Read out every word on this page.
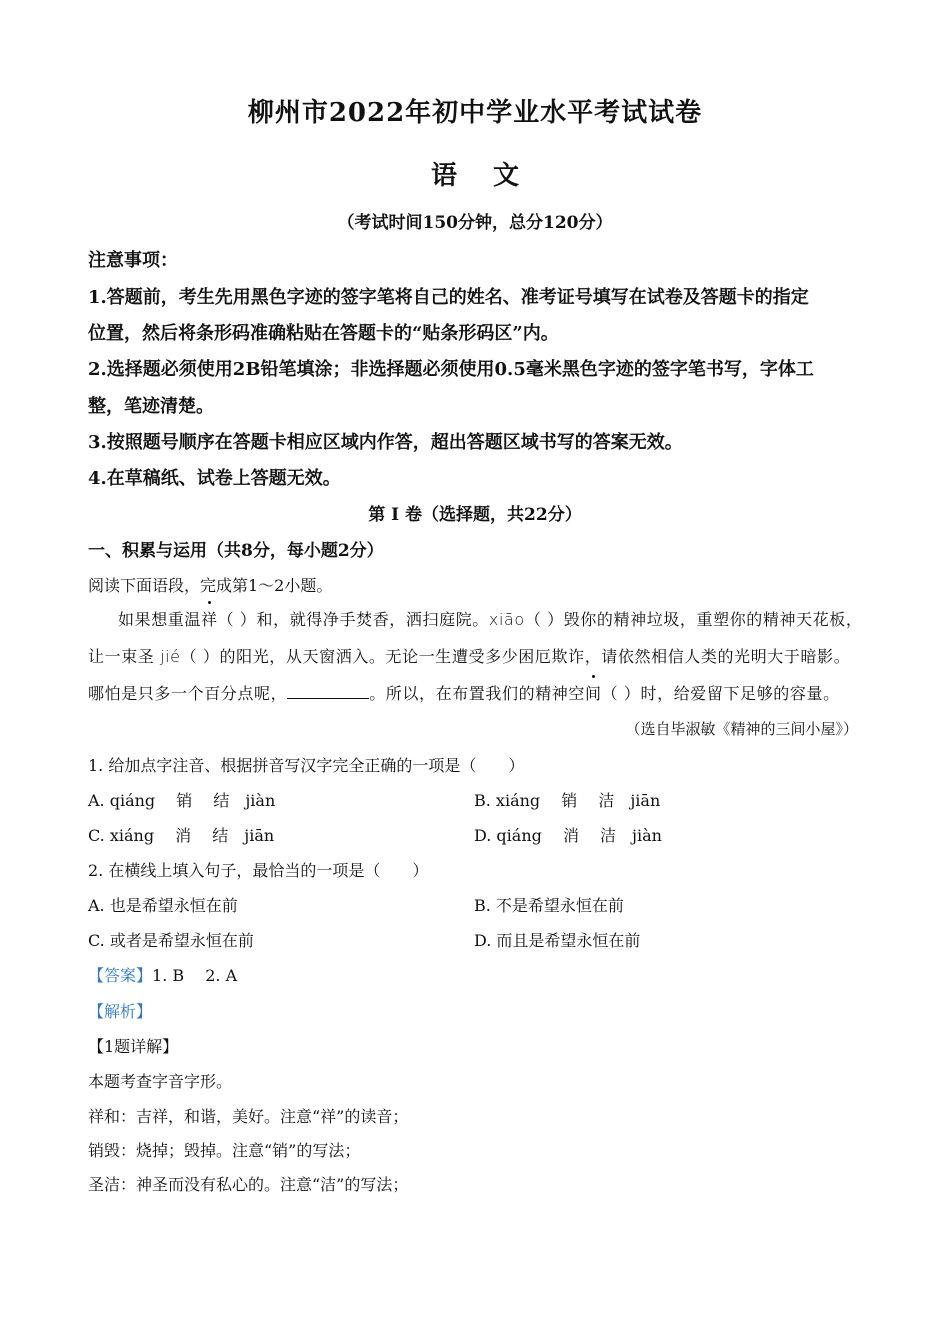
柳州市2022年初中学业水平考试试卷
语 文
（考试时间150分钟，总分120分）
注意事项：
1.答题前，考生先用黑色字迹的签字笔将自己的姓名、准考证号填写在试卷及答题卡的指定
位置，然后将条形码准确粘贴在答题卡的“贴条形码区”内。
2.选择题必须使用2B铅笔填涂；非选择题必须使用0.5毫米黑色字迹的签字笔书写，字体工
整，笔迹清楚。
3.按照题号顺序在答题卡相应区域内作答，超出答题区域书写的答案无效。
4.在草稿纸、试卷上答题无效。
第 Ⅰ 卷（选择题，共22分）
一、积累与运用（共8分，每小题2分）
阅读下面语段，完成第1～2小题。
如果想重温祥（ ）和，就得净手焚香，洒扫庭院。xiāo（ ）毁你的精神垃圾，重塑你的精神天花板，
让一束圣 jié（ ）的阳光，从天窗洒入。无论一生遭受多少困厄欺诈，请依然相信人类的光明大于暗影。
哪怕是只多一个百分点呢，	。所以，在布置我们的精神空间（ ）时，给爱留下足够的容量。
（选自毕淑敏《精神的三间小屋》）
1. 给加点字注音、根据拼音写汉字完全正确的一项是（　　）
A. qiáng　 销　 结　jiàn	B. xiáng　 销　 洁　jiān
C. xiáng　 消　 结　jiān	D. qiáng　 消　 洁　jiàn
2. 在横线上填入句子，最恰当的一项是（　　）
A. 也是希望永恒在前	B. 不是希望永恒在前
C. 或者是希望永恒在前	D. 而且是希望永恒在前
【答案】1. B　 2. A
【解析】
【1题详解】
本题考查字音字形。
祥和：吉祥，和谐，美好。注意“祥”的读音；
销毁：烧掉；毁掉。注意“销”的写法；
圣洁：神圣而没有私心的。注意“洁”的写法；
